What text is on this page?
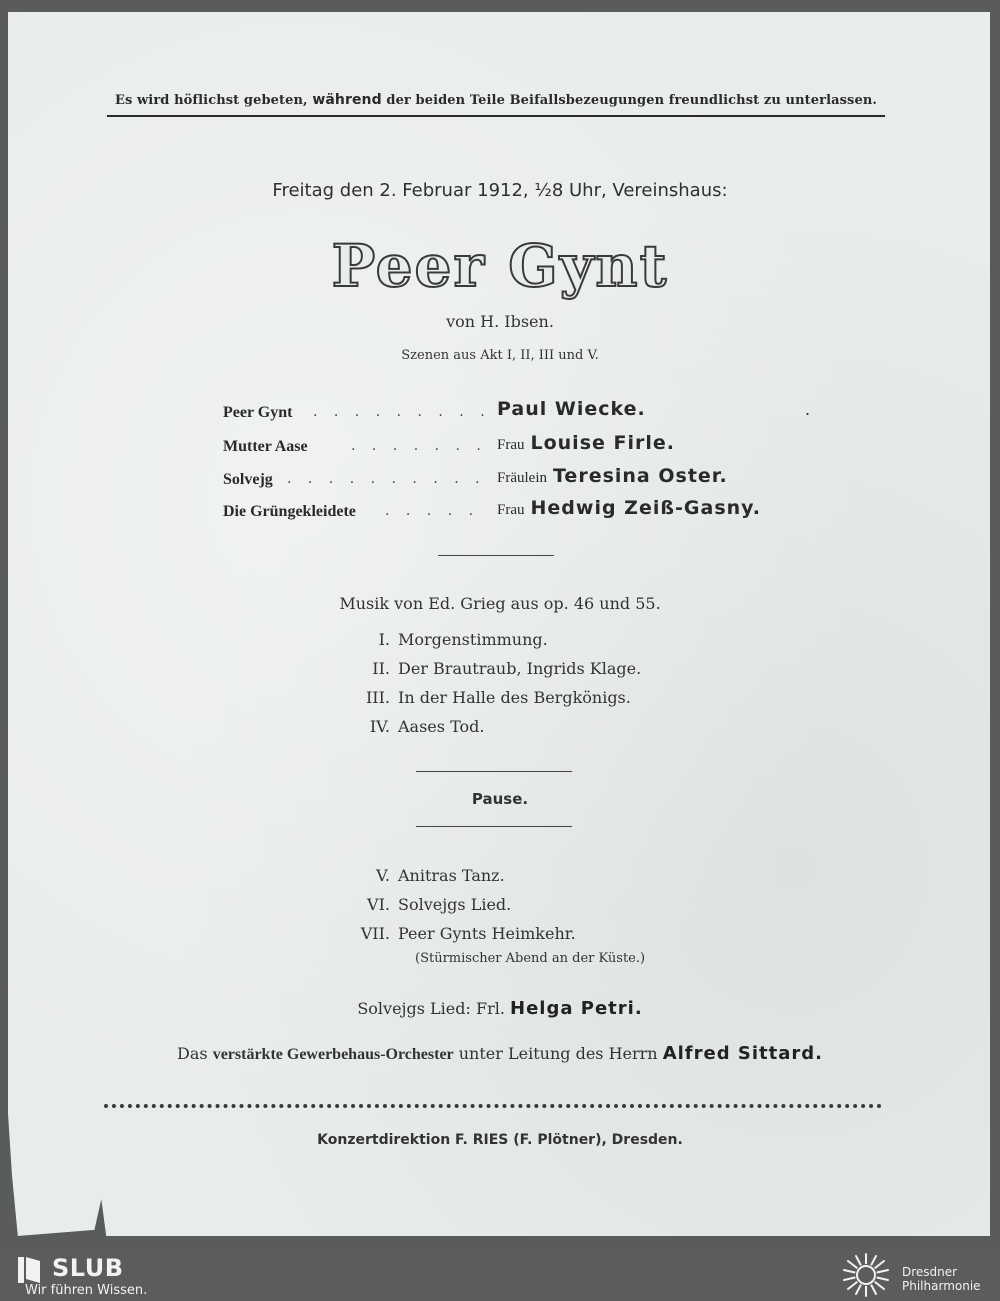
Es wird höflichst gebeten, während der beiden Teile Beifallsbezeugungen freundlichst zu unterlassen.
Freitag den 2. Februar 1912, ½8 Uhr, Vereinshaus:
Peer Gynt
von H. Ibsen.
Szenen aus Akt I, II, III und V.
Peer Gynt . . . . . . . . . Paul Wiecke.	.
Mutter Aase	. . . . . . . Frau Louise Firle.
Solvejg . . . . . . . . . . Fräulein Teresina Oster.
Die Grüngekleidete . . . . . Frau Hedwig Zeiß-Gasny.
Musik von Ed. Grieg aus op. 46 und 55.
I. Morgenstimmung.
II. Der Brautraub, Ingrids Klage.
III. In der Halle des Bergkönigs.
IV. Aases Tod.
Pause.
V. Anitras Tanz.
VI. Solvejgs Lied.
VII. Peer Gynts Heimkehr.
(Stürmischer Abend an der Küste.)
Solvejgs Lied: Frl. Helga Petri.
Das verstärkte Gewerbehaus-Orchester unter Leitung des Herrn Alfred Sittard.
Konzertdirektion F. RIES (F. Plötner), Dresden.
SLUB
Wir führen Wissen.
Dresdner
Philharmonie
